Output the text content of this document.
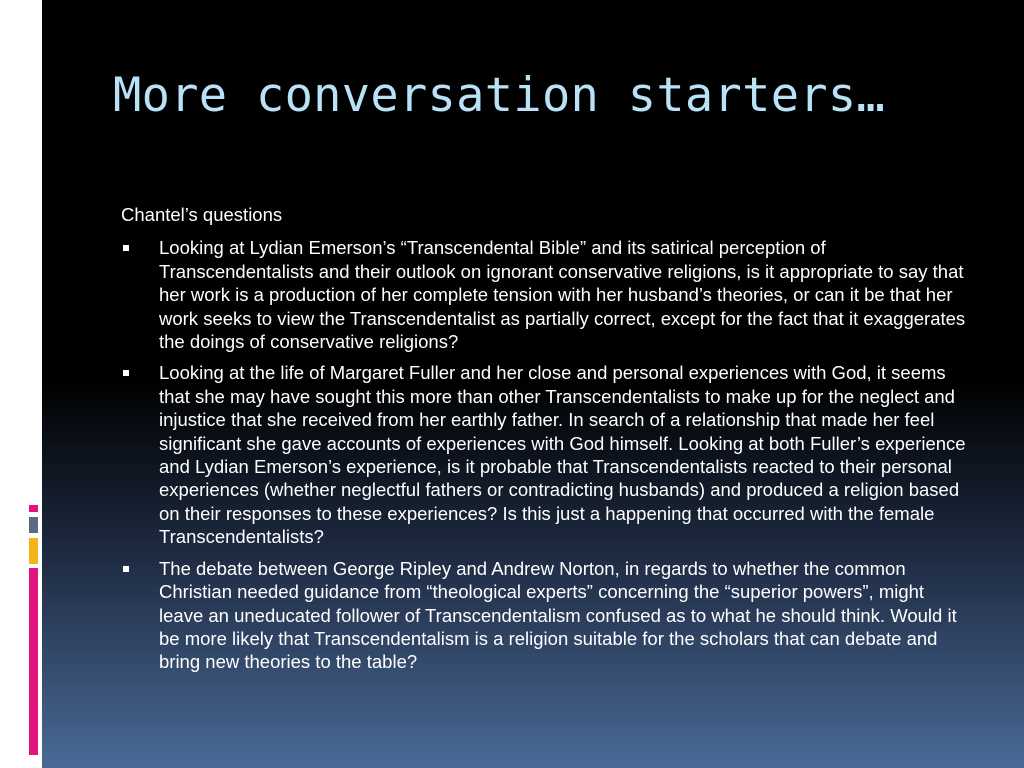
More conversation starters…

Chantel’s questions

Looking at Lydian Emerson’s “Transcendental Bible” and its satirical perception of Transcendentalists and their outlook on ignorant conservative religions, is it appropriate to say that her work is a production of her complete tension with her husband’s theories, or can it be that her work seeks to view the Transcendentalist as partially correct, except for the fact that it exaggerates the doings of conservative religions?
Looking at the life of Margaret Fuller and her close and personal experiences with God, it seems that she may have sought this more than other Transcendentalists to make up for the neglect and injustice that she received from her earthly father. In search of a relationship that made her feel significant she gave accounts of experiences with God himself. Looking at both Fuller’s experience and Lydian Emerson’s experience, is it probable that Transcendentalists reacted to their personal experiences (whether neglectful fathers or contradicting husbands) and produced a religion based on their responses to these experiences? Is this just a happening that occurred with the female Transcendentalists?
The debate between George Ripley and Andrew Norton, in regards to whether the common Christian needed guidance from “theological experts” concerning the “superior powers”, might leave an uneducated follower of Transcendentalism confused as to what he should think. Would it be more likely that Transcendentalism is a religion suitable for the scholars that can debate and bring new theories to the table?
